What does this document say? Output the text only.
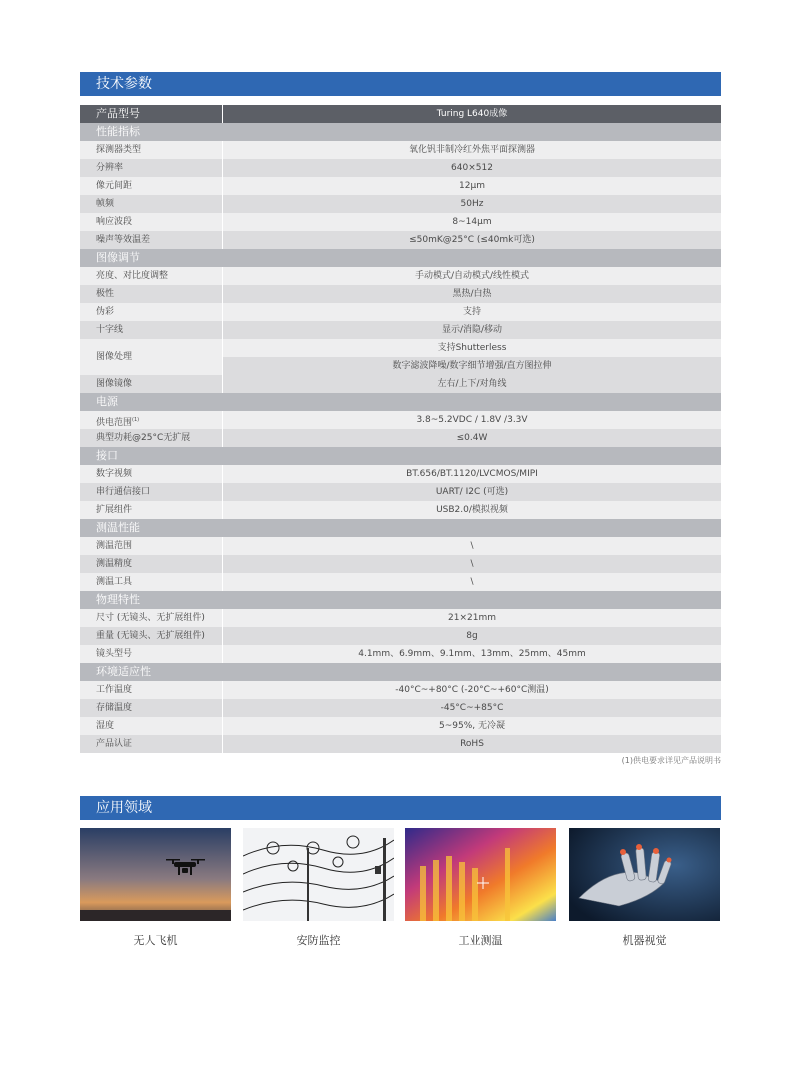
技术参数
产品型号	Turing L640成像
性能指标
探测器类型	氧化钒非制冷红外焦平面探测器
分辨率	640×512
像元间距	12μm
帧频	50Hz
响应波段	8~14μm
噪声等效温差	≤50mK@25°C (≤40mk可选)
图像调节
亮度、对比度调整	手动模式/自动模式/线性模式
极性	黑热/白热
伪彩	支持
十字线	显示/消隐/移动
图像处理
支持Shutterless
数字滤波降噪/数字细节增强/直方图拉伸
图像镜像	左右/上下/对角线
电源
供电范围$^{(1)}$	3.8~5.2VDC / 1.8V /3.3V
典型功耗@25°C无扩展	≤0.4W
接口
数字视频	BT.656/BT.1120/LVCMOS/MIPI
串行通信接口	UART/ I2C (可选)
扩展组件	USB2.0/模拟视频
测温性能
测温范围	\
测温精度	\
测温工具	\
物理特性
尺寸 (无镜头、无扩展组件)	21×21mm
重量 (无镜头、无扩展组件)	8g
镜头型号	4.1mm、6.9mm、9.1mm、13mm、25mm、45mm
环境适应性
工作温度	-40°C~+80°C (-20°C~+60°C测温)
存储温度	-45°C~+85°C
湿度	5~95%, 无冷凝
产品认证	RoHS
(1)供电要求详见产品说明书
应用领域
无人飞机	安防监控	工业测温	机器视觉
